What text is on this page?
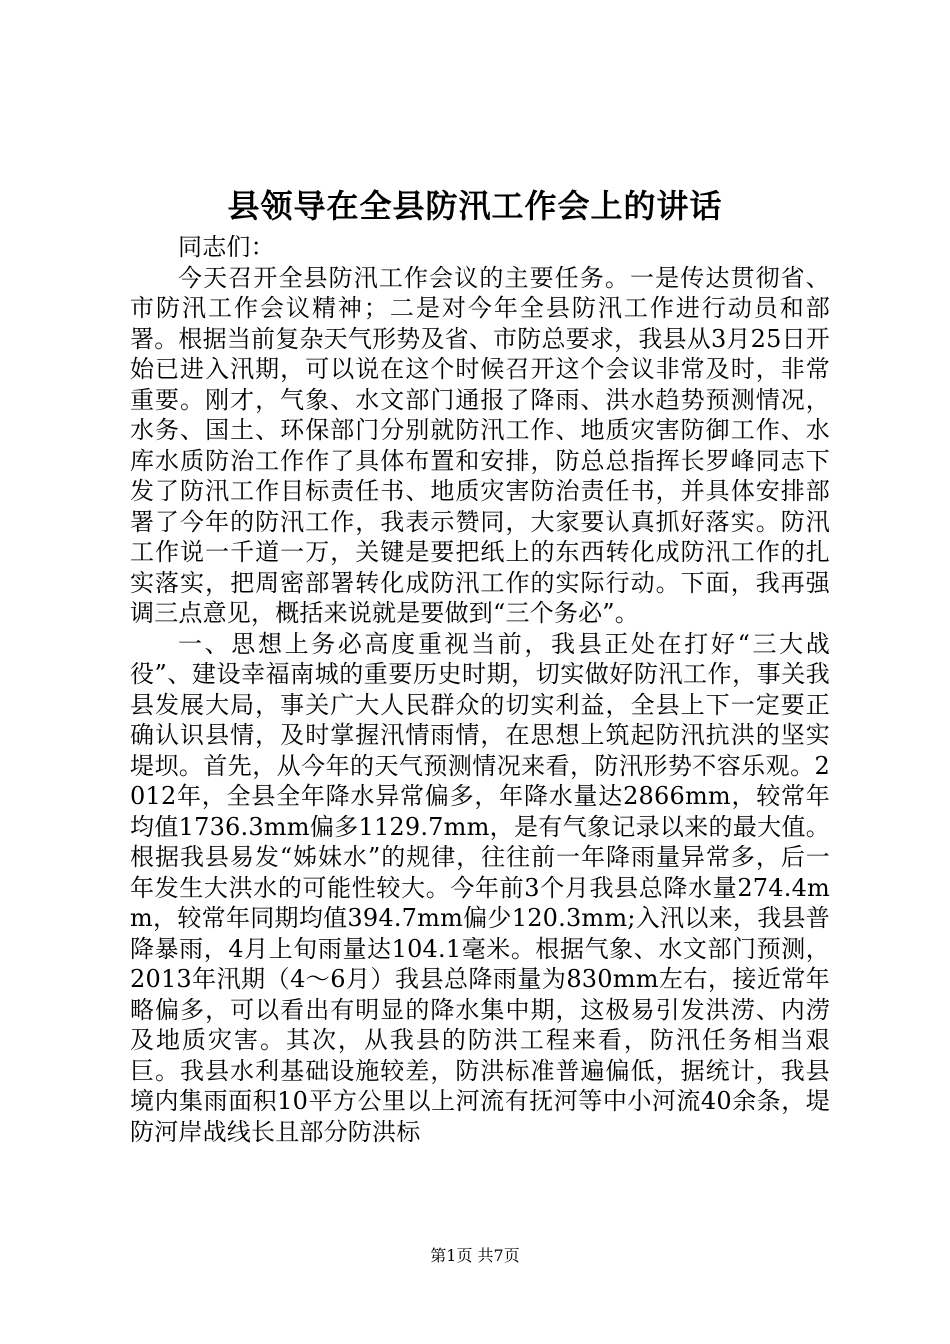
县领导在全县防汛工作会上的讲话

同志们：

今天召开全县防汛工作会议的主要任务。一是传达贯彻省、市防汛工作会议精神；二是对今年全县防汛工作进行动员和部署。根据当前复杂天气形势及省、市防总要求，我县从3月25日开始已进入汛期，可以说在这个时候召开这个会议非常及时，非常重要。刚才，气象、水文部门通报了降雨、洪水趋势预测情况，水务、国土、环保部门分别就防汛工作、地质灾害防御工作、水库水质防治工作作了具体布置和安排，防总总指挥长罗峰同志下发了防汛工作目标责任书、地质灾害防治责任书，并具体安排部署了今年的防汛工作，我表示赞同，大家要认真抓好落实。防汛工作说一千道一万，关键是要把纸上的东西转化成防汛工作的扎实落实，把周密部署转化成防汛工作的实际行动。下面，我再强调三点意见，概括来说就是要做到“三个务必”。

一、思想上务必高度重视当前，我县正处在打好“三大战役”、建设幸福南城的重要历史时期，切实做好防汛工作，事关我县发展大局，事关广大人民群众的切实利益，全县上下一定要正确认识县情，及时掌握汛情雨情，在思想上筑起防汛抗洪的坚实堤坝。首先，从今年的天气预测情况来看，防汛形势不容乐观。2012年，全县全年降水异常偏多，年降水量达2866mm，较常年均值1736.3mm偏多1129.7mm，是有气象记录以来的最大值。根据我县易发“姊妹水”的规律，往往前一年降雨量异常多，后一年发生大洪水的可能性较大。今年前3个月我县总降水量274.4mm，较常年同期均值394.7mm偏少120.3mm;入汛以来，我县普降暴雨，4月上旬雨量达104.1毫米。根据气象、水文部门预测，2013年汛期（4～6月）我县总降雨量为830mm左右，接近常年略偏多，可以看出有明显的降水集中期，这极易引发洪涝、内涝及地质灾害。其次，从我县的防洪工程来看，防汛任务相当艰巨。我县水利基础设施较差，防洪标准普遍偏低，据统计，我县境内集雨面积10平方公里以上河流有抚河等中小河流40余条，堤防河岸战线长且部分防洪标

第1页 共7页
